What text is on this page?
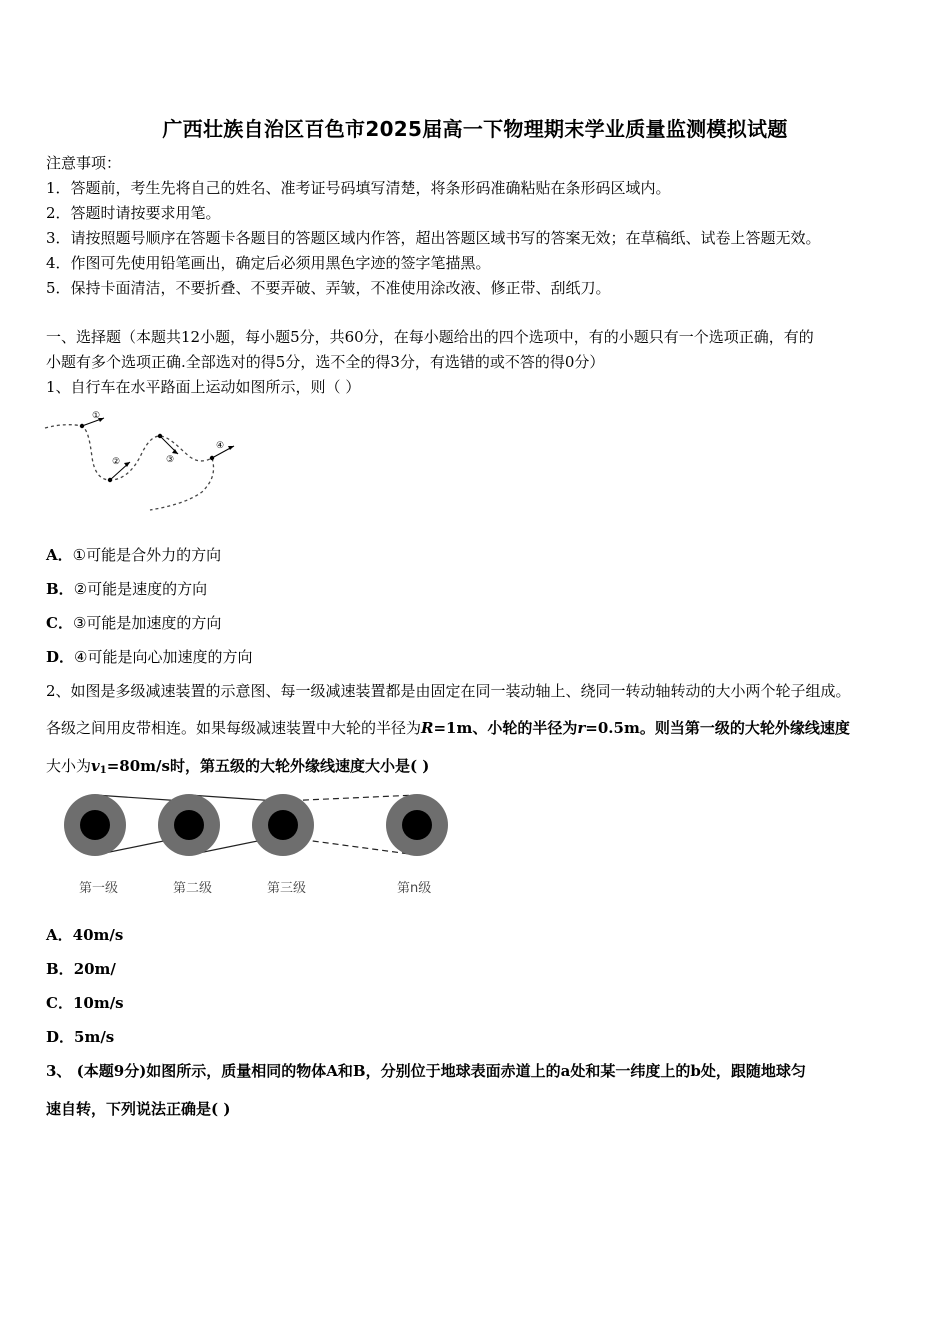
广西壮族自治区百色市2025届高一下物理期末学业质量监测模拟试题
注意事项：
1．答题前，考生先将自己的姓名、准考证号码填写清楚，将条形码准确粘贴在条形码区域内。
2．答题时请按要求用笔。
3．请按照题号顺序在答题卡各题目的答题区域内作答，超出答题区域书写的答案无效；在草稿纸、试卷上答题无效。
4．作图可先使用铅笔画出，确定后必须用黑色字迹的签字笔描黑。
5．保持卡面清洁，不要折叠、不要弄破、弄皱，不准使用涂改液、修正带、刮纸刀。
一、选择题（本题共12小题，每小题5分，共60分，在每小题给出的四个选项中，有的小题只有一个选项正确，有的
小题有多个选项正确.全部选对的得5分，选不全的得3分，有选错的或不答的得0分）
1、自行车在水平路面上运动如图所示，则（ ）
①
②	③
④
A．①可能是合外力的方向
B．②可能是速度的方向
C．③可能是加速度的方向
D．④可能是向心加速度的方向
2、如图是多级减速装置的示意图、每一级减速装置都是由固定在同一装动轴上、绕同一转动轴转动的大小两个轮子组成。
各级之间用皮带相连。如果每级减速装置中大轮的半径为R=1m、小轮的半径为r=0.5m。则当第一级的大轮外缘线速度
大小为$v_1=80m/s$时，第五级的大轮外缘线速度大小是( )
第一级	第二级	第三级	第n级
A．40m/s
B．20m/
C．10m/s
D．5m/s
3、 (本题9分)如图所示，质量相同的物体A和B，分别位于地球表面赤道上的a处和某一纬度上的b处，跟随地球匀
速自转，下列说法正确是( )
